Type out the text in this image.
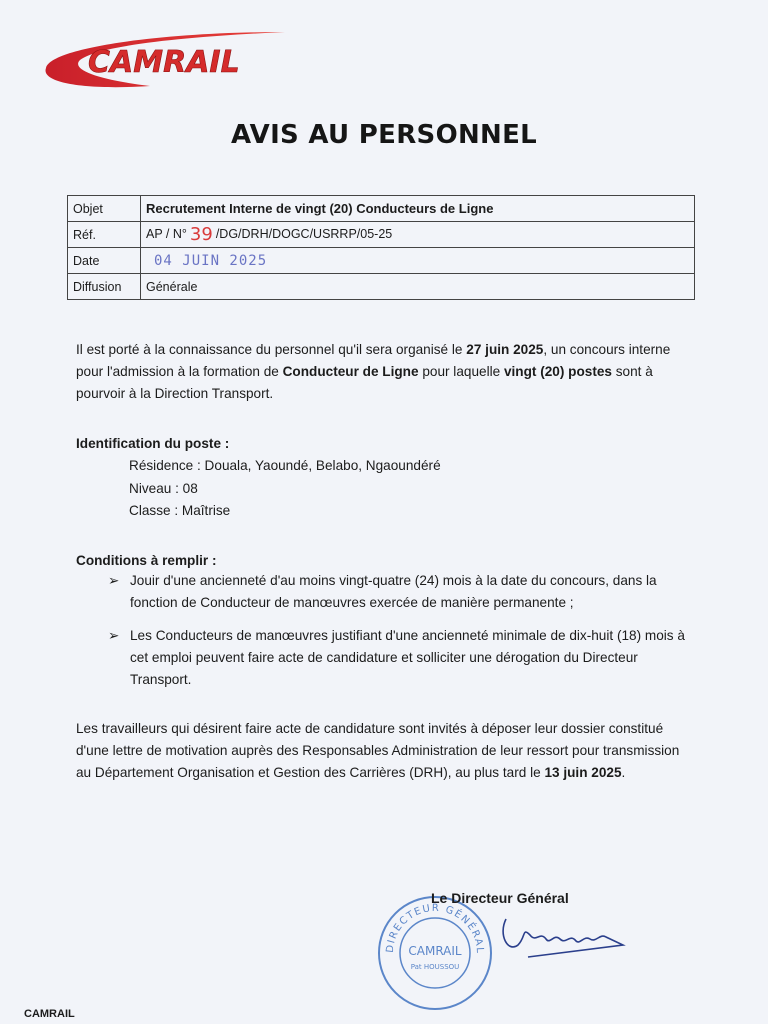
CAMRAIL
AVIS AU PERSONNEL
Objet	Recrutement Interne de vingt (20) Conducteurs de Ligne
Réf.	AP / N° 39 /DG/DRH/DOGC/USRRP/05-25
Date	04 JUIN 2025
Diffusion	Générale

Il est porté à la connaissance du personnel qu'il sera organisé le 27 juin 2025, un concours interne pour l'admission à la formation de Conducteur de Ligne pour laquelle vingt (20) postes sont à pourvoir à la Direction Transport.

Identification du poste :

Résidence : Douala, Yaoundé, Belabo, Ngaoundéré

Niveau : 08

Classe : Maîtrise

Conditions à remplir :

➢ Jouir d'une ancienneté d'au moins vingt-quatre (24) mois à la date du concours, dans la fonction de Conducteur de manœuvres exercée de manière permanente ;
➢ Les Conducteurs de manœuvres justifiant d'une ancienneté minimale de dix-huit (18) mois à cet emploi peuvent faire acte de candidature et solliciter une dérogation du Directeur Transport.

Les travailleurs qui désirent faire acte de candidature sont invités à déposer leur dossier constitué d'une lettre de motivation auprès des Responsables Administration de leur ressort pour transmission au Département Organisation et Gestion des Carrières (DRH), au plus tard le 13 juin 2025.

DIRECTEUR GÉNÉRAL
CAMRAIL
Pat HOUSSOU
Le Directeur Général
CAMRAIL
